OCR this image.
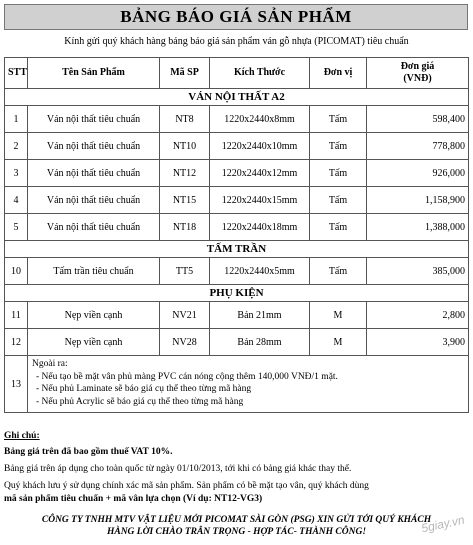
BẢNG BÁO GIÁ SẢN PHẨM
Kính gửi quý khách hàng bảng báo giá sản phẩm ván gỗ nhựa (PICOMAT) tiêu chuẩn
STT	Tên Sản Phẩm	Mã SP	Kích Thước	Đơn vị	Đơn giá
(VNĐ)
VÁN NỘI THẤT A2					
1	Ván nội thất tiêu chuẩn	NT8	1220x2440x8mm	Tấm	598,400
2	Ván nội thất tiêu chuẩn	NT10	1220x2440x10mm	Tấm	778,800
3	Ván nội thất tiêu chuẩn	NT12	1220x2440x12mm	Tấm	926,000
4	Ván nội thất tiêu chuẩn	NT15	1220x2440x15mm	Tấm	1,158,900
5	Ván nội thất tiêu chuẩn	NT18	1220x2440x18mm	Tấm	1,388,000
TẤM TRẦN					
10	Tấm trần tiêu chuẩn	TT5	1220x2440x5mm	Tấm	385,000
PHỤ KIỆN					
11	Nẹp viền cạnh	NV21	Bản 21mm	M	2,800
12	Nẹp viền cạnh	NV28	Bản 28mm	M	3,900
13	Ngoài ra:
- Nếu tạo bề mặt vân phủ màng PVC cán nóng cộng thêm 140,000 VNĐ/1 mặt.
- Nếu phủ Laminate sẽ báo giá cụ thể theo từng mã hàng
- Nếu phủ Acrylic sẽ báo giá cụ thể theo từng mã hàng				
Ghi chú:
Bảng giá trên đã bao gồm thuế VAT 10%.
Bảng giá trên áp dụng cho toàn quốc từ ngày 01/10/2013, tới khi có bảng giá khác thay thế.
Quý khách lưu ý sử dụng chính xác mã sản phẩm. Sản phẩm có bề mặt tạo vân, quý khách dùng
mã sản phẩm tiêu chuẩn + mã vân lựa chọn (Ví dụ: NT12-VG3)
CÔNG TY TNHH MTV VẬT LIỆU MỚI PICOMAT SÀI GÒN (PSG) XIN GỬI TỚI QUÝ KHÁCH
HÀNG LỜI CHÀO TRÂN TRỌNG - HỢP TÁC- THÀNH CÔNG!	5giay.vn
